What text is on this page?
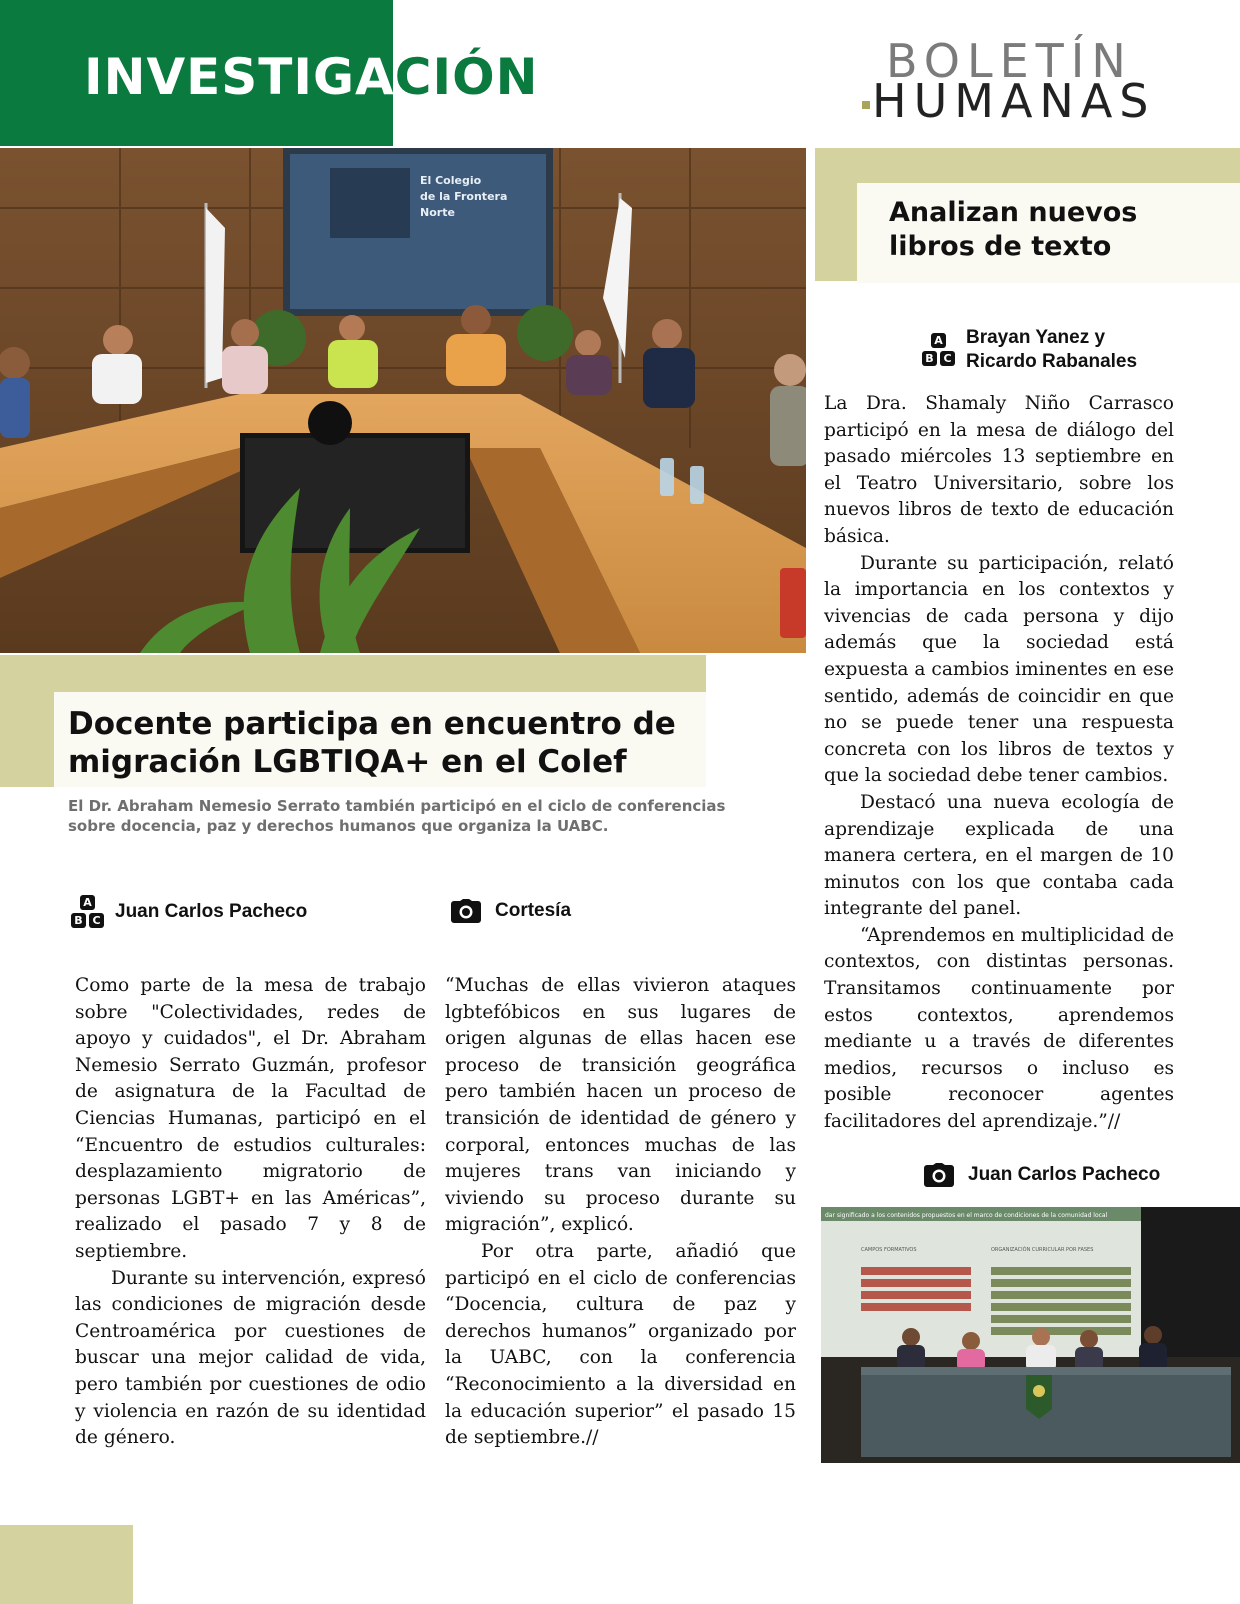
INVESTIGACIÓN	BOLETÍN
HUMANAS
El Colegio
de la Frontera
Norte	Analizan nuevos
libros de texto
A
B C
Brayan Yanez y
Ricardo Rabanales

La Dra. Shamaly Niño Carrasco participó en la mesa de diálogo del pasado miércoles 13 septiembre en el Teatro Universitario, sobre los nuevos libros de texto de educación básica.

Durante su participación, relató la importancia en los contextos y vivencias de cada persona y dijo además que la sociedad está expuesta a cambios iminentes en ese sentido, además de coincidir en que no se puede tener una respuesta concreta con los libros de textos y que la sociedad debe tener cambios.

Destacó una nueva ecología de aprendizaje explicada de una manera certera, en el margen de 10 minutos con los que contaba cada integrante del panel.

“Aprendemos en multiplicidad de contextos, con distintas personas. Transitamos continuamente por estos contextos, aprendemos mediante u a través de diferentes medios, recursos o incluso es posible reconocer agentes facilitadores del aprendizaje.”//

Juan Carlos Pacheco
Docente participa en encuentro de
migración LGBTIQA+ en el Colef

El Dr. Abraham Nemesio Serrato también participó en el ciclo de conferencias
sobre docencia, paz y derechos humanos que organiza la UABC.

A
B C Juan Carlos Pacheco	Cortesía

Como parte de la mesa de trabajo sobre "Colectividades, redes de apoyo y cuidados", el Dr. Abraham Nemesio Serrato Guzmán, profesor de asignatura de la Facultad de Ciencias Humanas, participó en el “Encuentro de estudios culturales: desplazamiento migratorio de personas LGBT+ en las Américas”, realizado el pasado 7 y 8 de septiembre.

Durante su intervención, expresó las condiciones de migración desde Centroamérica por cuestiones de buscar una mejor calidad de vida, pero también por cuestiones de odio y violencia en razón de su identidad de género.

“Muchas de ellas vivieron ataques lgbtefóbicos en sus lugares de origen algunas de ellas hacen ese proceso de transición geográfica pero también hacen un proceso de transición de identidad de género y corporal, entonces muchas de las mujeres trans van iniciando y viviendo su proceso durante su migración”, explicó.

Por otra parte, añadió que participó en el ciclo de conferencias “Docencia, cultura de paz y derechos humanos” organizado por la UABC, con la conferencia “Reconocimiento a la diversidad en la educación superior” el pasado 15 de septiembre.//

dar significado a los contenidos propuestos en el marco de condiciones de la comunidad local
CAMPOS FORMATIVOS	ORGANIZACIÓN CURRICULAR POR FASES
